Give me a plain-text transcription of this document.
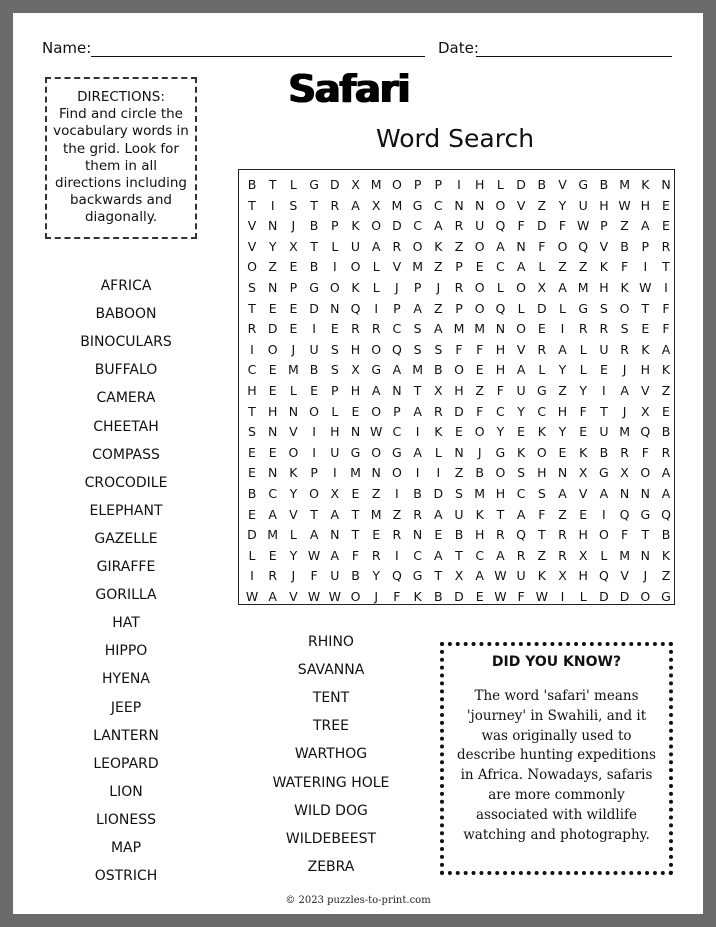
Name:	Date:
DIRECTIONS:
Find and circle the vocabulary words in the grid. Look for them in all directions including backwards and diagonally.
Safari
Word Search
B	T	L G D X M O P	P	I	H	L D B V G B M K N
T	I	S	T	R A X M G C N N O V Z	Y U H W H E
V N	J	B	P	K O D C A R U Q F D F W P	Z A E
V	Y	X	T	L	U A R O K Z O A N F O Q V B	P	R
O Z E B	I	O L	V M Z	P	E C A	L	Z Z K	F	I	T
S N P G O K	L	J	P	J	R O L O X A M H K W	I
T	E	E D N Q	I	P	A Z	P O Q L D L G S O T	F
R D E	I	E R R C S A M M N O E	I	R R S	E	F
I	O	J	U S H O Q S	S	F	F H V R A	L	U R K A
C E M B S X G A M B O E H A	L	Y	L	E	J	H K
H E	L	E	P H A N T	X H Z	F	U G Z	Y	I	A V Z
T H N O L	E O P	A R D F	C	Y	C H F	T	J	X E
S N V	I	H N W C	I	K	E O Y	E	K	Y	E U M Q B
E	E O	I	U G O G A	L	N	J	G K O E	K B R	F	R
E N K	P	I	M N O	I	I	Z B O S H N X G X O A
B C	Y O X E Z	I	B D S M H C S A V A N N A
E A V	T	A	T M Z R A U K	T	A	F	Z E	I	Q G Q
D M L	A N T	E R N E B H R Q T	R H O F	T	B
L	E	Y W A	F	R	I	C A	T	C A R Z R X	L M N K
I	R	J	F	U B	Y Q G T	X A W U K X H Q V	J	Z
W A V W W O	J	F	K B D E W F W	I	L D D O G
AFRICA
BABOON
BINOCULARS
BUFFALO
CAMERA
CHEETAH
COMPASS
CROCODILE
ELEPHANT
GAZELLE
GIRAFFE
GORILLA
HAT
HIPPO
HYENA
JEEP
LANTERN
LEOPARD
LION
LIONESS
MAP
OSTRICH
RHINO
SAVANNA
TENT
TREE
WARTHOG
WATERING HOLE
WILD DOG
WILDEBEEST
ZEBRA
DID YOU KNOW?
The word 'safari' means 'journey' in Swahili, and it was originally used to describe hunting expeditions in Africa. Nowadays, safaris are more commonly associated with wildlife watching and photography.
© 2023 puzzles-to-print.com
